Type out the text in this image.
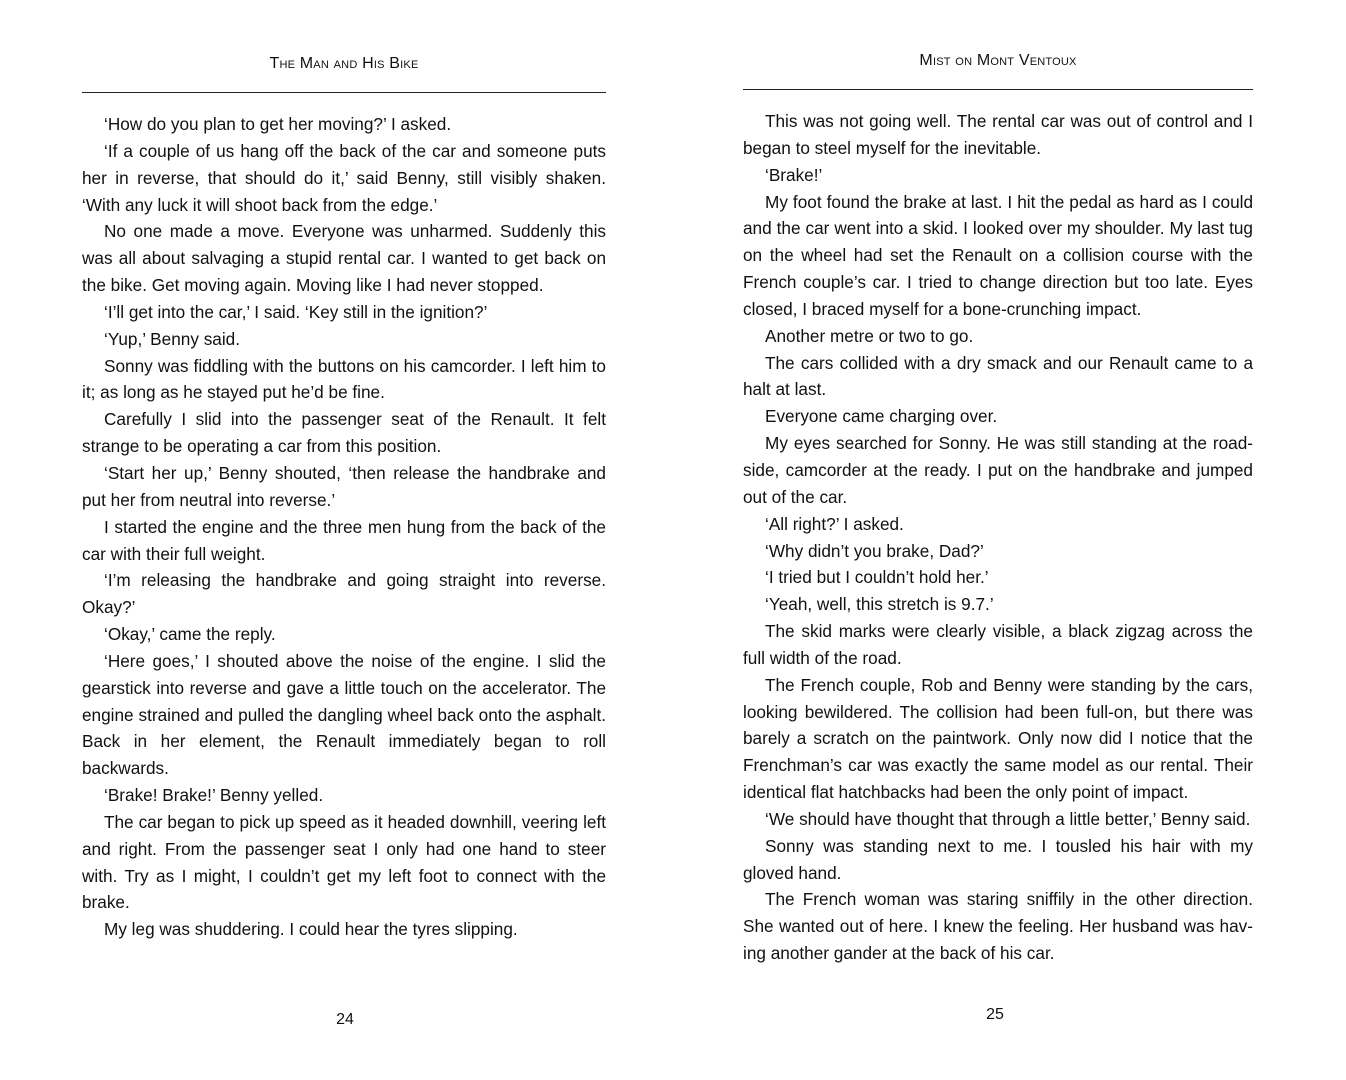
The Man and His Bike

‘How do you plan to get her moving?’ I asked.

‘If a couple of us hang off the back of the car and someone puts her in reverse, that should do it,’ said Benny, still visibly shaken. ‘With any luck it will shoot back from the edge.’

No one made a move. Everyone was unharmed. Suddenly this was all about salvaging a stupid rental car. I wanted to get back on the bike. Get moving again. Moving like I had never stopped.

‘I’ll get into the car,’ I said. ‘Key still in the ignition?’

‘Yup,’ Benny said.

Sonny was fiddling with the buttons on his camcorder. I left him to it; as long as he stayed put he’d be fine.

Carefully I slid into the passenger seat of the Renault. It felt strange to be operating a car from this position.

‘Start her up,’ Benny shouted, ‘then release the handbrake and put her from neutral into reverse.’

I started the engine and the three men hung from the back of the car with their full weight.

‘I’m releasing the handbrake and going straight into reverse. Okay?’

‘Okay,’ came the reply.

‘Here goes,’ I shouted above the noise of the engine. I slid the gearstick into reverse and gave a little touch on the accelerator. The engine strained and pulled the dangling wheel back onto the asphalt. Back in her element, the Renault immediately began to roll backwards.

‘Brake! Brake!’ Benny yelled.

The car began to pick up speed as it headed downhill, veering left and right. From the passenger seat I only had one hand to steer with. Try as I might, I couldn’t get my left foot to connect with the brake.

My leg was shuddering. I could hear the tyres slipping.

24
Mist on Mont Ventoux

This was not going well. The rental car was out of control and I began to steel myself for the inevitable.

‘Brake!’

My foot found the brake at last. I hit the pedal as hard as I could and the car went into a skid. I looked over my shoulder. My last tug on the wheel had set the Renault on a collision course with the French couple’s car. I tried to change direction but too late. Eyes closed, I braced myself for a bone-crunching impact.

Another metre or two to go.

The cars collided with a dry smack and our Renault came to a halt at last.

Everyone came charging over.

My eyes searched for Sonny. He was still standing at the road-side, camcorder at the ready. I put on the handbrake and jumped out of the car.

‘All right?’ I asked.

‘Why didn’t you brake, Dad?’

‘I tried but I couldn’t hold her.’

‘Yeah, well, this stretch is 9.7.’

The skid marks were clearly visible, a black zigzag across the full width of the road.

The French couple, Rob and Benny were standing by the cars, looking bewildered. The collision had been full-on, but there was barely a scratch on the paintwork. Only now did I notice that the Frenchman’s car was exactly the same model as our rental. Their identical flat hatchbacks had been the only point of impact.

‘We should have thought that through a little better,’ Benny said.

Sonny was standing next to me. I tousled his hair with my gloved hand.

The French woman was staring sniffily in the other direction. She wanted out of here. I knew the feeling. Her husband was hav-ing another gander at the back of his car.

25
